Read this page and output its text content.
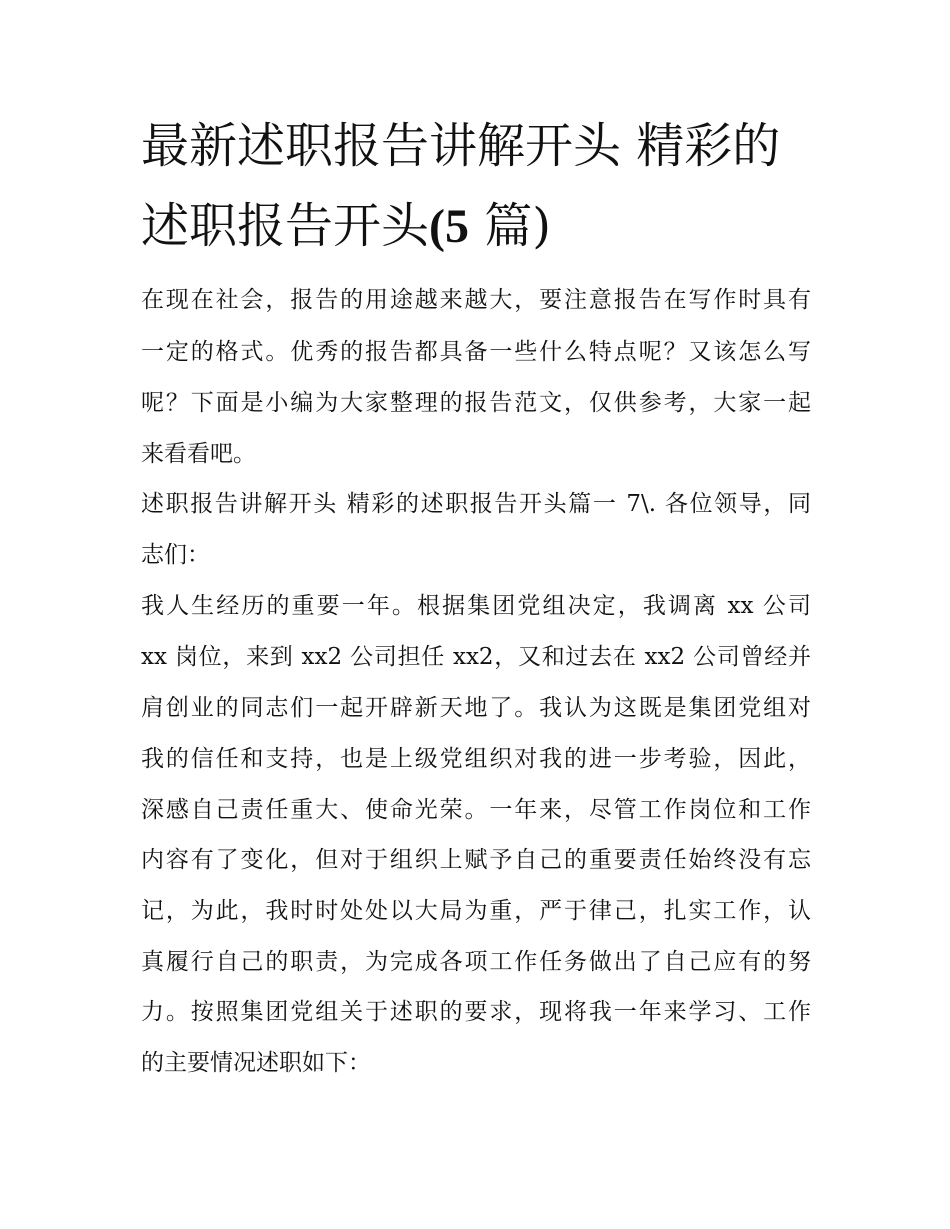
最新述职报告讲解开头 精彩的
述职报告开头(5 篇)
在现在社会，报告的用途越来越大，要注意报告在写作时具有
一定的格式。优秀的报告都具备一些什么特点呢？又该怎么写
呢？下面是小编为大家整理的报告范文，仅供参考，大家一起
来看看吧。
述职报告讲解开头 精彩的述职报告开头篇一 7\. 各位领导，同
志们：
我人生经历的重要一年。根据集团党组决定，我调离 xx 公司
xx 岗位，来到 xx2 公司担任 xx2，又和过去在 xx2 公司曾经并
肩创业的同志们一起开辟新天地了。我认为这既是集团党组对
我的信任和支持，也是上级党组织对我的进一步考验，因此，
深感自己责任重大、使命光荣。一年来，尽管工作岗位和工作
内容有了变化，但对于组织上赋予自己的重要责任始终没有忘
记，为此，我时时处处以大局为重，严于律己，扎实工作，认
真履行自己的职责，为完成各项工作任务做出了自己应有的努
力。按照集团党组关于述职的要求，现将我一年来学习、工作
的主要情况述职如下：
